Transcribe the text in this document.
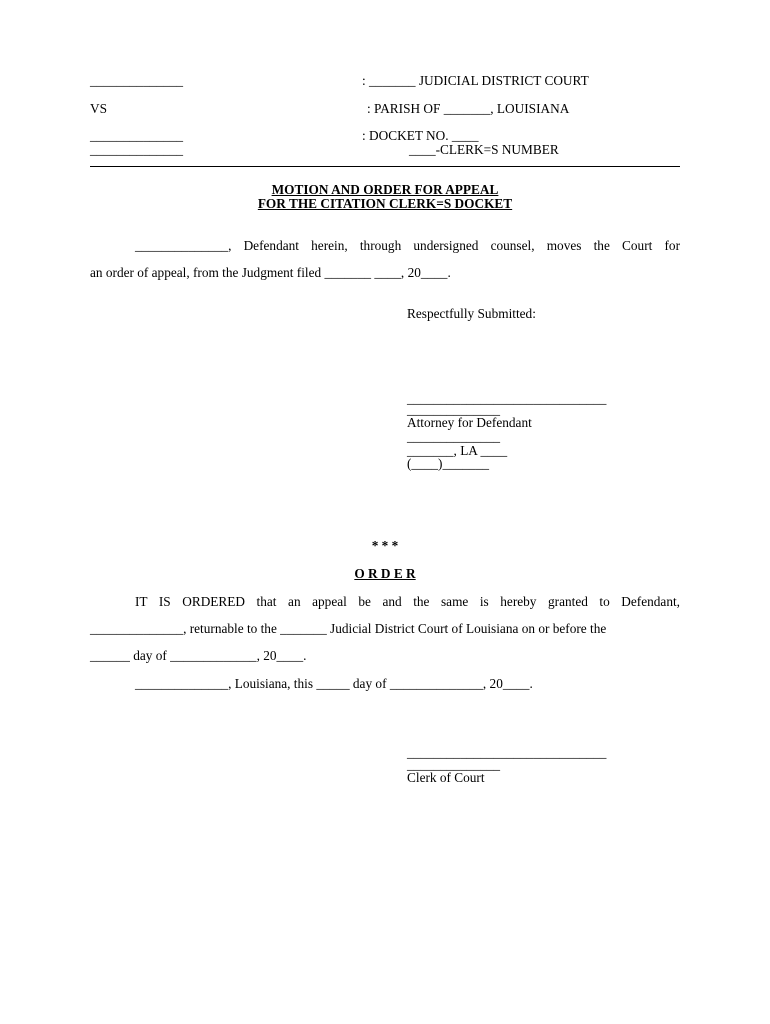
______________	: _______ JUDICIAL DISTRICT COURT
VS	: PARISH OF _______, LOUISIANA
______________	: DOCKET NO. ____
______________	____-CLERK=S NUMBER
MOTION AND ORDER FOR APPEAL
FOR THE CITATION CLERK=S DOCKET
______________, Defendant herein, through undersigned counsel, moves the Court for
an order of appeal, from the Judgment filed _______ ____, 20____.
Respectfully Submitted:
______________________________
______________
Attorney for Defendant
______________
_______, LA ____
(____)_______
* * *
O R D E R
IT IS ORDERED that an appeal be and the same is hereby granted to Defendant,
______________, returnable to the _______ Judicial District Court of Louisiana on or before the
______ day of _____________, 20____.
______________, Louisiana, this _____ day of ______________, 20____.
______________________________
______________
Clerk of Court
